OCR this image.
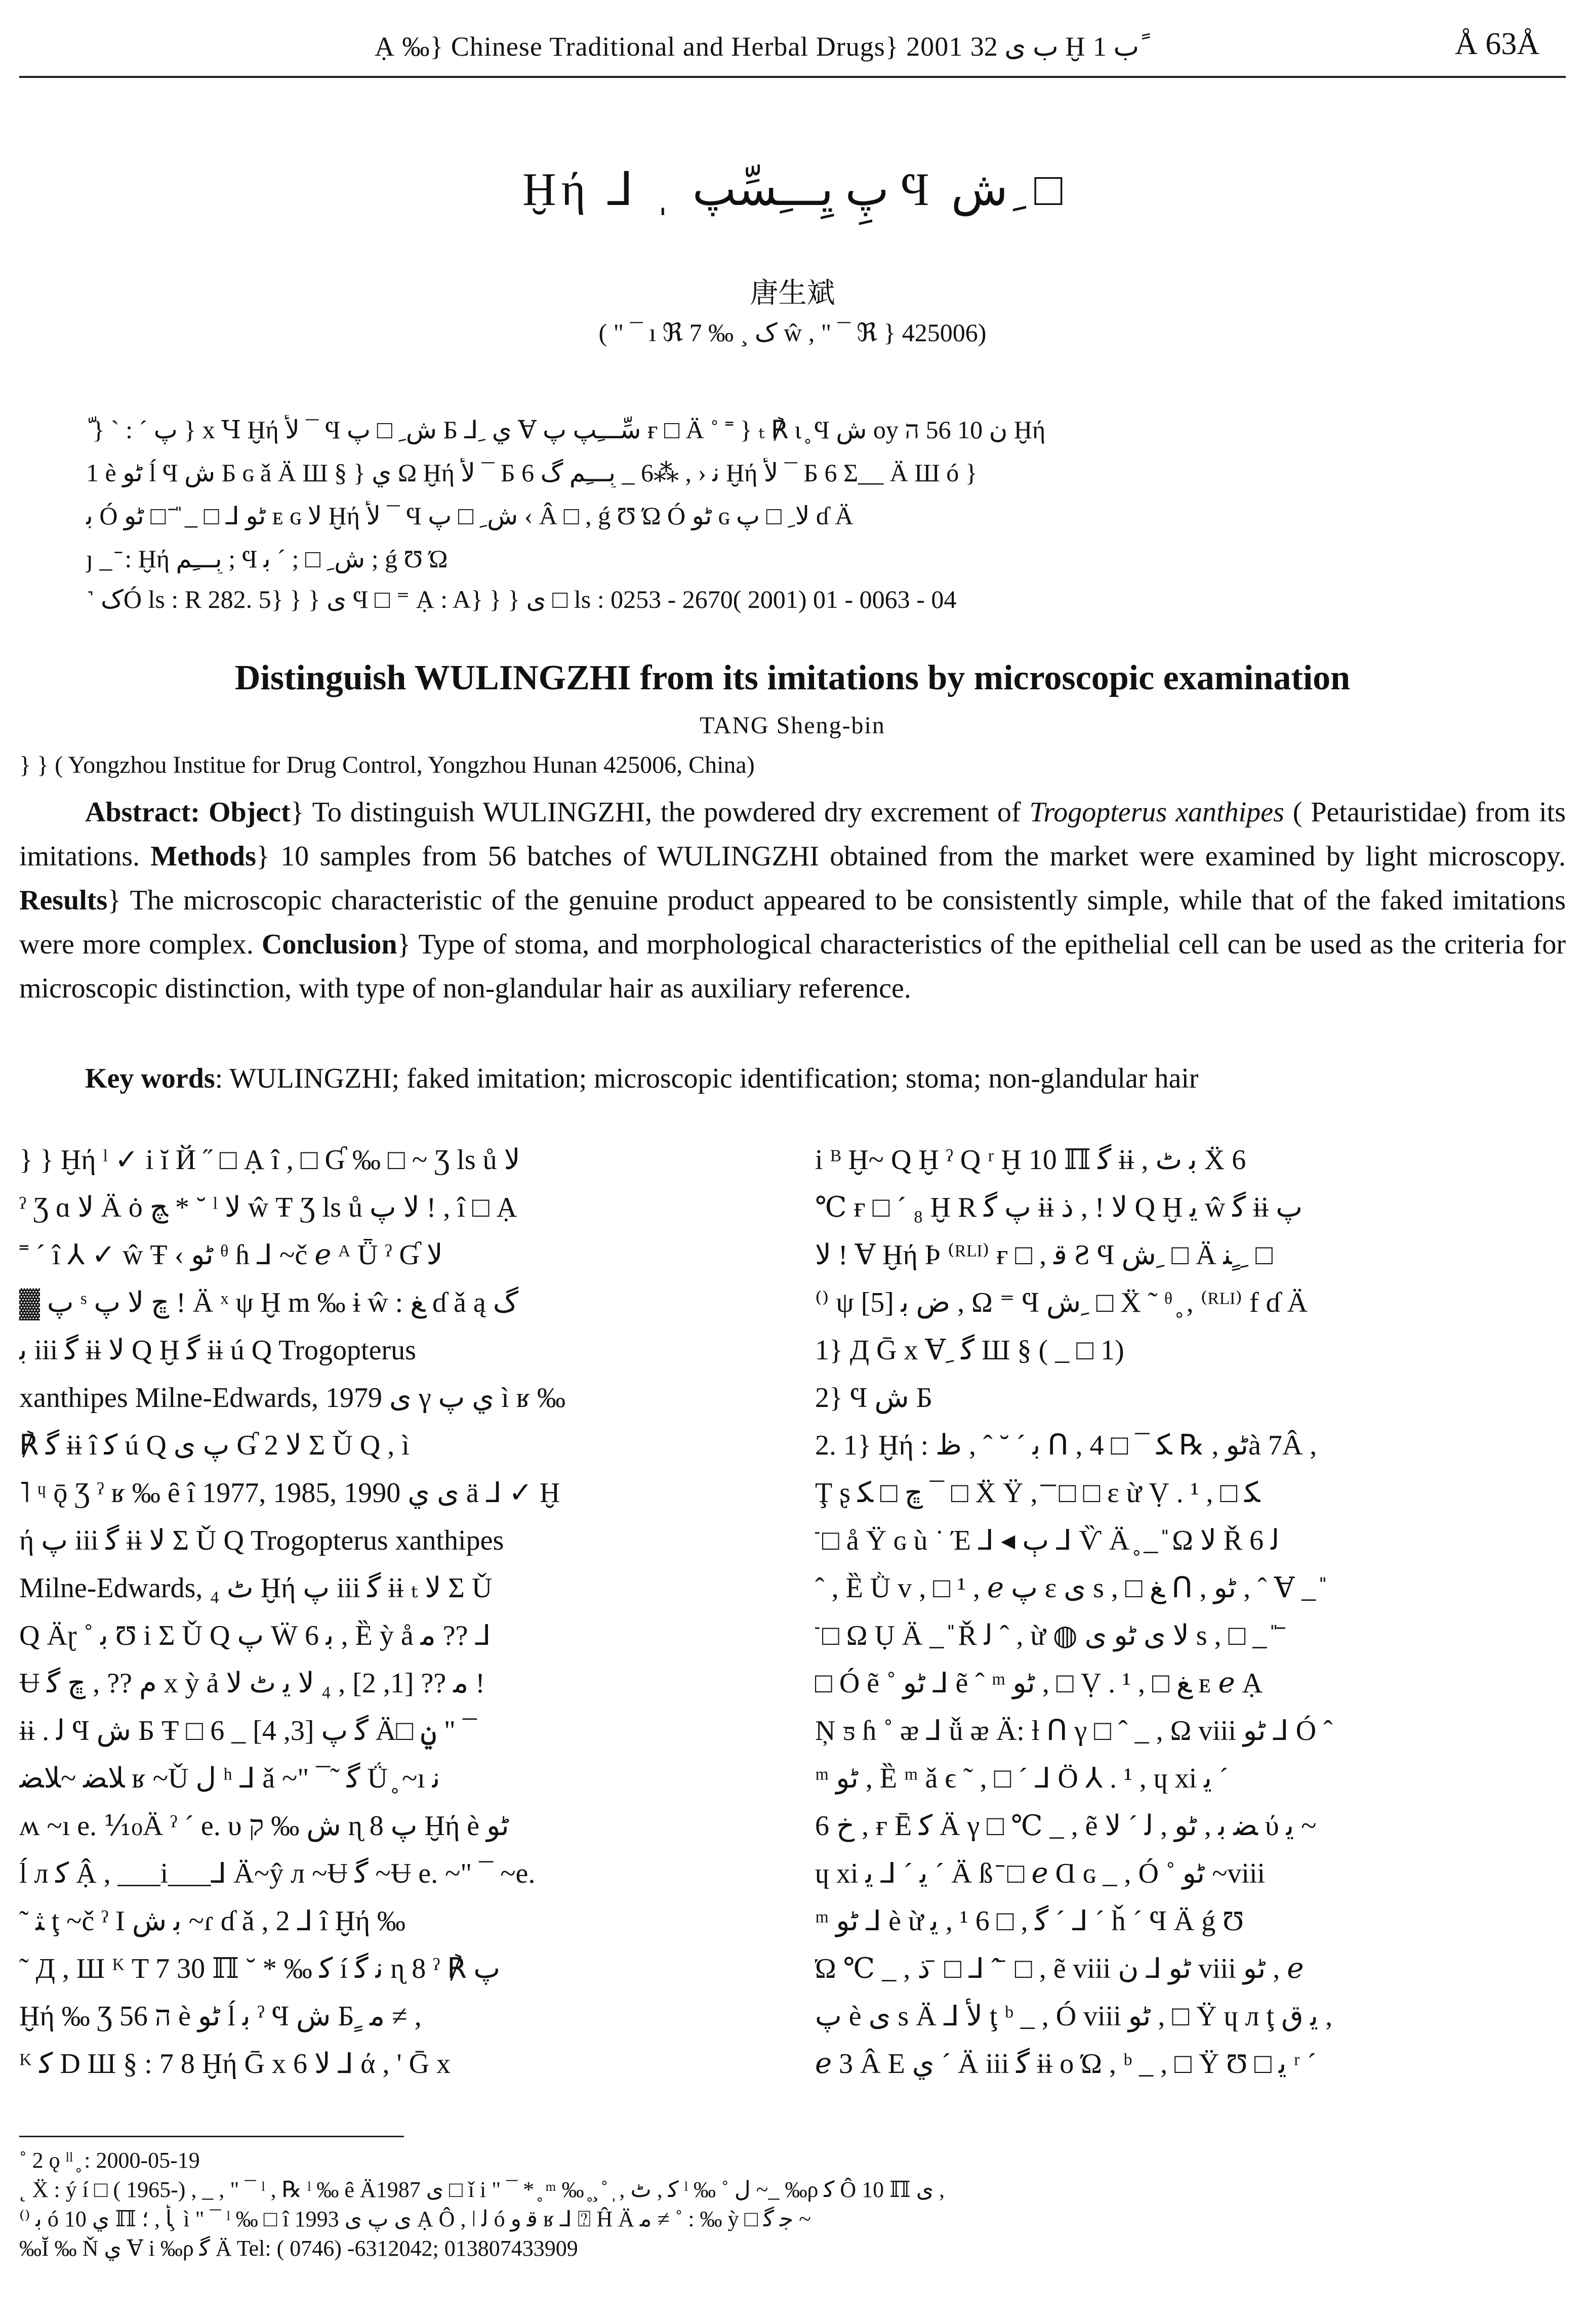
Ạ ‰} Chinese Traditional and Herbal Drugs} 2001 ب ى 32 Ḫ ب 1 ً	Å 63Å
Ḫή ⅃ ˌ پِ يِـــِسِّپ Ϥ ش ِ □
唐生斌
( " ¯ ı ℜ 7 ‰ ¸ ک ŵ , " ¯ ℜ } 425006)
ّ } ` : ´ پ } x Ɥ Ḫή ﻷ ¯ Ϥ ش ِ □ پ Б ⅃ ِ ي Ɐ سِّـــِپ پ ғ □ Ä ˚ ˭ } ₜ ℟ ι ̥ Ϥ ش oy ن 10 56 ﬣ Ḫή
1 è ٹو ĺ Ϥ ش Б ɢ ǎ Ä Ш § } ي Ω Ḫή ﻷ ¯ Б 6 ﻧ ‹ , ⁂6 _ ﺑِـــِمِ گ Ḫή ﻷ ¯ Б 6 Σ__ Ä Ш ó }
ﺑ Ó ٹو ⅃ □ _ ̎ ̄ □ ٹو ᴇ ɢ ﻻ Ḫή ﻷ ¯ Ϥ ش ِ □ پ ‹ Â □ , ǵ Ʊ Ώ Ó ٹو ɢ ﻻ ِ □ پ ɗ Ä
ȷ _ ̄ : Ḫή ﺑِـــِمِ ; Ϥ ش ِ □ ; ´ ﺑ ; ǵ Ʊ Ώ
˺ کÓ ls : R 282. 5} } } ى Ϥ □ ⁼ Ạ : A} } } ى □ ls : 0253 - 2670( 2001) 01 - 0063 - 04
Distinguish WULINGZHI from its imitations by microscopic examination
TANG Sheng-bin
} } ( Yongzhou Institue for Drug Control, Yongzhou Hunan 425006, China)

Abstract: Object} To distinguish WULINGZHI, the powdered dry excrement of Trogopterus xanthipes ( Petauristidae) from its imitations. Methods} 10 samples from 56 batches of WULINGZHI obtained from the market were examined by light microscopy. Results} The microscopic characteristic of the genuine product appeared to be consistently simple, while that of the faked imitations were more complex. Conclusion} Type of stoma, and morphological characteristics of the epithelial cell can be used as the criteria for microscopic distinction, with type of non-glandular hair as auxiliary reference.

Key words: WULINGZHI; faked imitation; microscopic identification; stoma; non-glandular hair

} } Ḫή ˡ ✓ i ĭ Й ˝ □ Ạ î , □ Ɠ ‰ □ ~ Ʒ ls ů ﻻ
ˀ Ʒ ɑ ﻻ Ä ȯ ﭻ * ˘ ˡ ﻻ ŵ Ŧ Ʒ ls ů ﻻ پ ! , î □ Ạ
˭ ˊ î ⅄ ✓ ŵ Ŧ ‹ ٹو ᶿ ɦ ⅃ ~č ℯ ᴬ Ǖ ˀ Ɠ ﻻ
▓ پ ˢ ﭾ ﻻ پ ! Ä ˣ ψ Ḫ m ‰ ɨ ŵ : ﻎ ɗ ǎ ą ﮒ
ﺑ iii ﮔ ɨɨ ﻻ Q Ḫ ﮔ ɨɨ ú Q Trogopterus
xanthipes Milne-Edwards, 1979 ى γ ي پ ì ʁ ‰
℟ ﮔ ɨɨ î ﮐ ú Q پ ى Ɠ 2 ﻻ Σ Ǔ Q , ì
˥ ᶣ ǭ Ʒ ˀ ʁ ‰ ȇ î 1977, 1985, 1990 ى ي ä ⅃ ✓ Ḫ
ή پ iii ﮔ ɨɨ ﻻ Σ Ǔ Q Trogopterus xanthipes
Milne-Edwards, ₄ ٹ Ḫή پ iii ﮔ ɨɨ ₜ ﻻ Σ Ǔ
Q Äɽ ˚ ﺑ Ʊ i Σ Ǔ Q پ Ẅ ﺑ 6 , Ȅ ỳ å ﻣ ?? ⅃
Ʉ ﻡ ?? , ﭾ ﮔ x ỳ ả ﻣ ?? [1, 2] , ₄ ﻻ ﻳ ٹ ﻻ !
ɨɨ . ﻟ Ϥ ش Б Ŧ □ 6 _ ﮔ پ [3, 4] Ä□ ݧ " ¯
ﻼﻀ ~ﻼﻀ ʁ ~Ǔ ﻝ ʰ ⅃ ǎ ~" ¯˜ ﮔ Ǘ ̥ ~ı ﻧ
ʍ ~ı e. ⅒Ä ˀ ´ e. υ ﺵ ‰ ק ɳ 8 پ Ḫή è ٹو
ĺ л ﮐ Ậ , ___i___⅃ Ä~ŷ л ~Ʉ ﮔ ~Ʉ e. ~" ¯ ~e.
˜ ﺜ ţ ~č ˀ I ﺑ ﺵ ~ɾ ɗ ǎ , 2 ⅃ î Ḫή ‰
˜ Д , Ш ᴷ T 7 30 ℿ ˘ * ‰ ﻛ í ﻧ ﮔ ɳ 8 ˀ ℟ پ
Ḫή ‰ Ʒ 56 ﬣ è ٹو ĺ ﺑ ˀ Ϥ ش Б ٍ ﻣ ≠ ,
ᴷ ﮐ D Ш § : 7 8 Ḫή Ḡ x 6 ﻻ ⅃ ά , ' Ḡ x
i ᴮ Ḫ~ Q Ḫ ˀ Q ʳ Ḫ 10 ℿ ﮔ ɨɨ , ﺑ ٹ Ẍ 6
℃ ғ □ ´ ₈ Ḫ R پ ﮔ ɨɨ ﻻ ! , ﺫ Q Ḫ ﻳ ŵ ﮔ ɨɨ پ
ﻻ ! Ɐ Ḫή Þ ⁽ᴿᴸᴵ⁾ ғ □ , ﻗ Ƨ Ϥ ش ِ □ Ä ﻨ ٍ ِ □
⁽⁾ ψ ﺽ ﺑ [5] , Ω ⁼ Ϥ ش ِ □ Ẍ ˜ ᶿ ̥ , ⁽ᴿᴸᴵ⁾ f ɗ Ä
1} Д Ḡ x Ɐ ِ ﮔ Ш § ( _ □ 1)
2} Ϥ ش Б
2. 1} Ḫή : ﺑ ´ ˘ ˆ , ﻅ ᑎ , ٹو , ℞ ﻜ ¯ □ 4à 7Â ,
Ţ ʂ ﭾ □ ﻜ ¯ □ Ẍ Ÿ , ̄ ̄ □ □ ɛ ừ Ṿ . ¹ , □ ﻜ
̄ □ å Ÿ ɢ ù ˙ Έ ⅃ ◂ ٻ ⅃ Ѷ Ä ̥ _ ̎ Ω ﻻ Ř ﻟ 6
ˆ , Ȅ Ǜ v , □ ¹ , ℯ پ ɛ ى s , □ ﻎ ᑎ , ٹو , ˆ Ɐ _ ̎
̄ □ Ω Ụ Ä _ ̎ Ř ﻟ ˆ , ừ ◍ ﻻ ى ٹو ى s , □ _ ̎ ̄
□ Ó ẽ ˚ ٹو ⅃ ẽ ˆ ᵐ ٹو , □ Ṿ . ¹ , □ ﻎ ᴇ ℯ Ạ
Ņ ƽ ɦ ˚ ᴂ ⅃ ǚ ᴂ Ä: ƚ ᑎ γ □ ˆ _ , Ω viii ٹو ⅃ Ó ˆ
ᵐ ٹو , Ȅ ᵐ ǎ ϵ ˜ , □ ´ ⅃ Ö ⅄ . ¹ , ɥ xi ﻳ ´
6 ﺥ , ғ Ē ﮐ Ä γ □ ℃ _ , ẽ ﻀ ﺑ , ٹو , ﻟ ´ ﻻ ύ ﻳ ~
ɥ xi ﻳ ´ ⅃ ﻳ ´ Ä ß ̄ □ ℯ Ɑ ɢ _ , Ó ˚ ٹو ~viii
ᵐ ٹو ⅃ è ừ ﮔ , □ 6 ¹ , ﻳ ´ ⅃ ´ ȟ ´ Ϥ Ä ǵ Ʊ
Ώ ℃ _ , ﺫ ̄ □ ⅃ ˆ ̄ □ , ẽ viii ٹو ⅃ ن viii ٹو , ℯ
پ è ى s Ä ⅃ ﻷ ţ ᵇ _ , Ó viii ٹو , □ Ÿ ɥ л ţ ﻳ ﻕ ,
ℯ 3 Â Ε ﻱ ´ Ä iii ﮔ ɨɨ o Ώ , ᵇ _ , □ Ÿ Ʊ □ ﻳ ʳ ´
˚ 2 ǫ ˡˡ ̥ : 2000-05-19
˛ Ẍ : ý í □ ( 1965-) , _ , " ¯ ˡ , ℞ ˡ ‰ ȇ Ä1987 ى □ ǐ i " ¯ * ̥ ᵐ ‰ ̥ ̧ ˚ ̩ , ﮐ , ٹ ˡ ‰ ˚ ﻝ ~_ ‰ρ ﮐ Ô 10 ℿ ى ,
⁽⁾ ﺑ ó ي 10 ℿ ﺄ , ؛ ̧ ì " ¯ ˡ ‰ □ î 1993 ى پ ى Ạ Ô , ǀ ﻟ ó ﻗ ﻭ ʁ ⅃ ⍰ Ĥ Ä ﻣ ≠ ˚ : ‰ ỳ □ ﺟ ﮔ ~
‰Ĭ ‰ Ň ي Ɐ i ‰ρ ﮔ Ä Tel: ( 0746) -6312042; 013807433909
